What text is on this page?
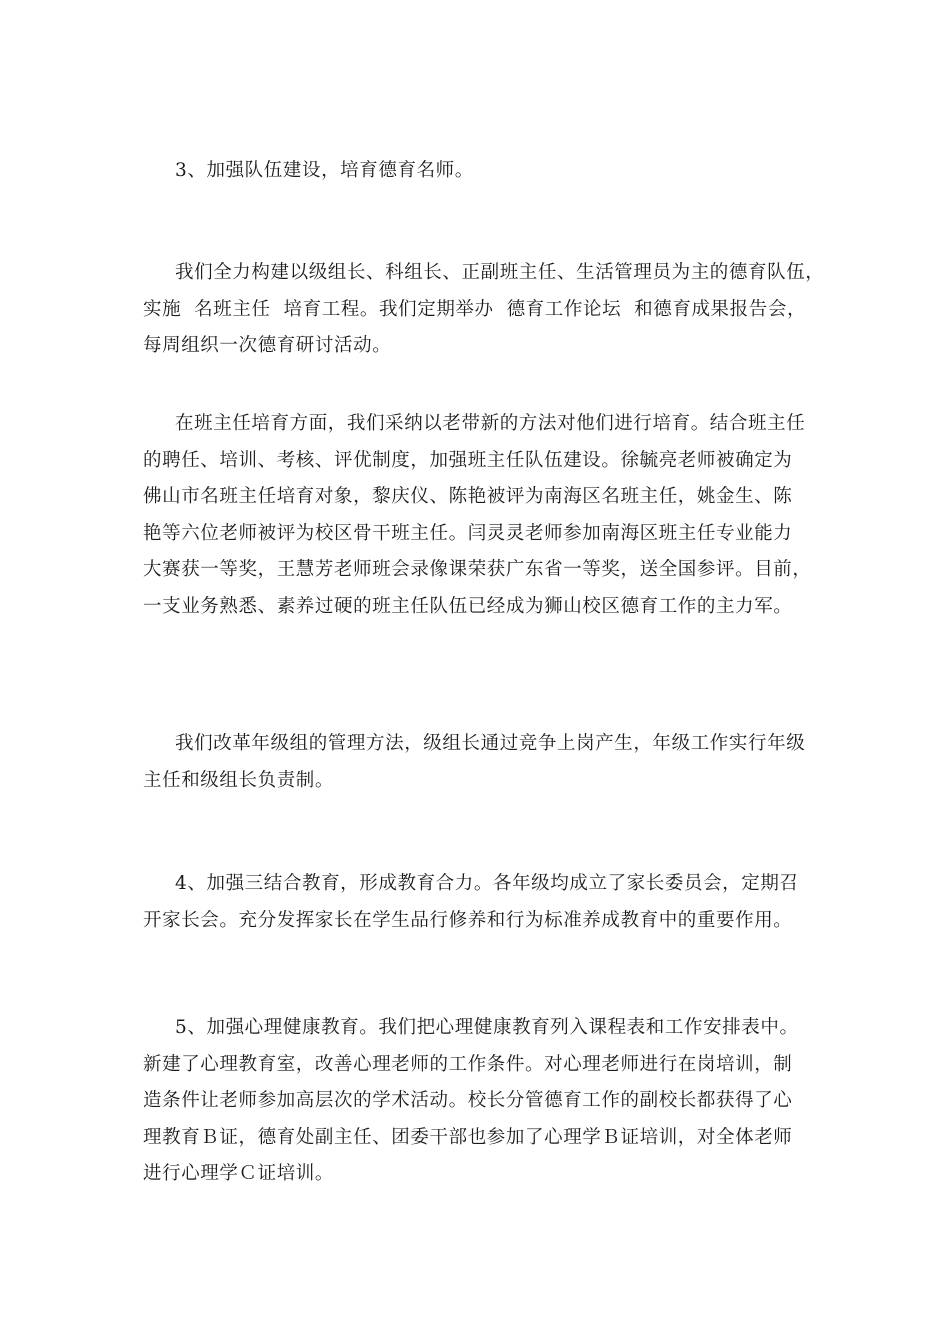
3、加强队伍建设，培育德育名师。
我们全力构建以级组长、科组长、正副班主任、生活管理员为主的德育队伍，
实施  名班主任  培育工程。我们定期举办  德育工作论坛  和德育成果报告会，
每周组织一次德育研讨活动。
在班主任培育方面，我们采纳以老带新的方法对他们进行培育。结合班主任
的聘任、培训、考核、评优制度，加强班主任队伍建设。徐毓亮老师被确定为
佛山市名班主任培育对象，黎庆仪、陈艳被评为南海区名班主任，姚金生、陈
艳等六位老师被评为校区骨干班主任。闫灵灵老师参加南海区班主任专业能力
大赛获一等奖，王慧芳老师班会录像课荣获广东省一等奖，送全国参评。目前，
一支业务熟悉、素养过硬的班主任队伍已经成为狮山校区德育工作的主力军。
我们改革年级组的管理方法，级组长通过竞争上岗产生，年级工作实行年级
主任和级组长负责制。
4、加强三结合教育，形成教育合力。各年级均成立了家长委员会，定期召
开家长会。充分发挥家长在学生品行修养和行为标准养成教育中的重要作用。
5、加强心理健康教育。我们把心理健康教育列入课程表和工作安排表中。
新建了心理教育室，改善心理老师的工作条件。对心理老师进行在岗培训，制
造条件让老师参加高层次的学术活动。校长分管德育工作的副校长都获得了心
理教育Ｂ证，德育处副主任、团委干部也参加了心理学Ｂ证培训，对全体老师
进行心理学Ｃ证培训。
